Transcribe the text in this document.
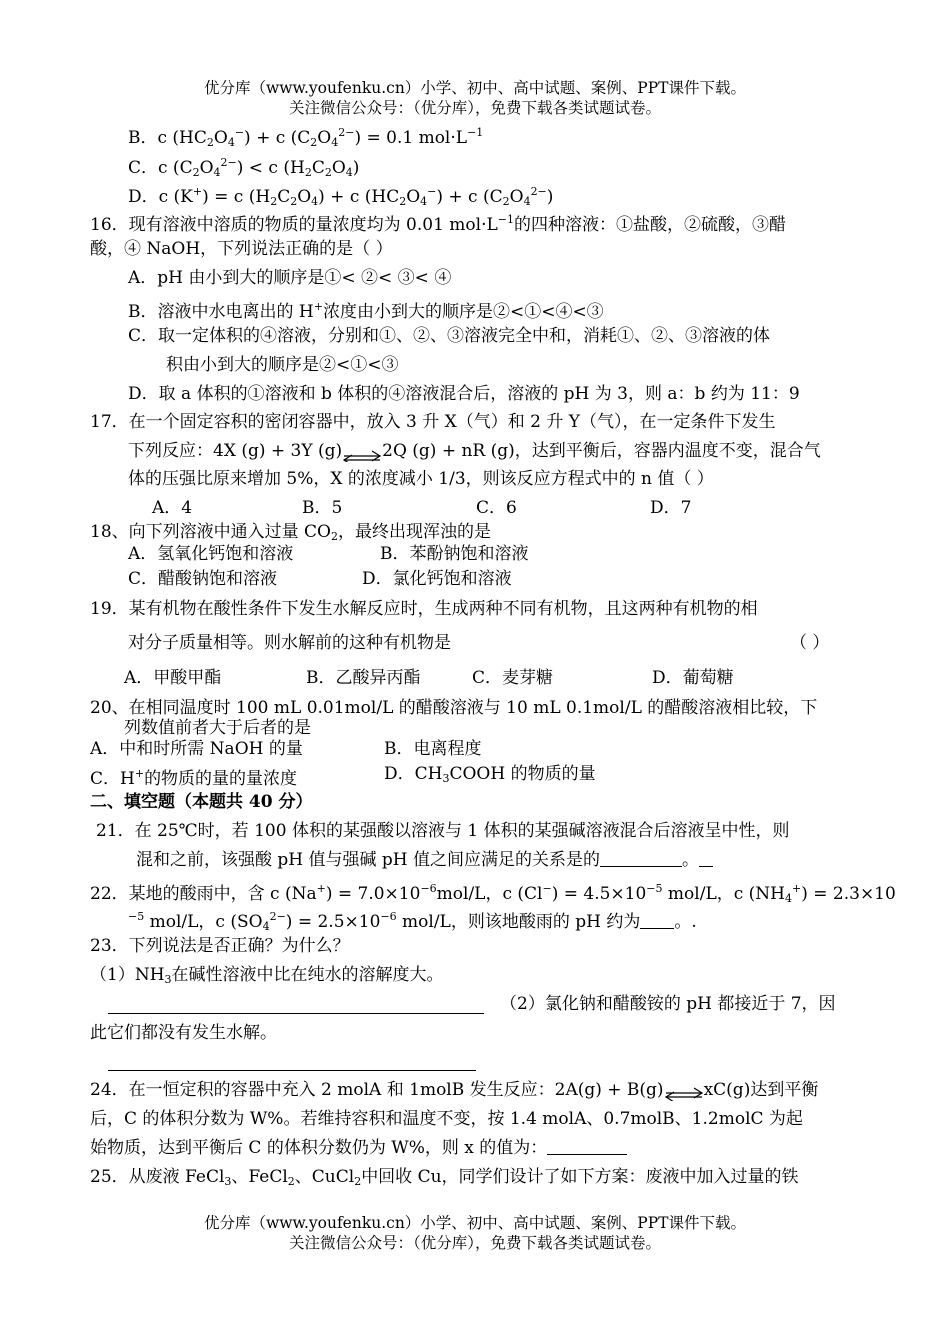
优分库（www.youfenku.cn）小学、初中、高中试题、案例、PPT课件下载。
关注微信公众号：（优分库），免费下载各类试题试卷。
B．c $(HC_2O_4^-) + c$ $(C_2O_4^{2-}) = 0.1$ $mol\cdot L^{-1}$
C．c $(C_2O_4^{2-}) < c$ $(H_2C_2O_4)$
D．c (K+) = c $(H_2C_2O_4) + c$ $(HC_2O_4^-) + c$ $(C_2O_4^{2-})$
16．现有溶液中溶质的物质的量浓度均为 0.01 $mol\cdot L^{-1}$的四种溶液：①盐酸，②硫酸，③醋
酸，④ NaOH，下列说法正确的是（ ）
A．pH 由小到大的顺序是①< ②< ③< ④
B．溶液中水电离出的 H+浓度由小到大的顺序是②<①<④<③
C．取一定体积的④溶液，分别和①、②、③溶液完全中和，消耗①、②、③溶液的体
积由小到大的顺序是②<①<③
D．取 a 体积的①溶液和 b 体积的④溶液混合后，溶液的 pH 为 3，则 a：b 约为 11：9
17．在一个固定容积的密闭容器中，放入 3 升 X（气）和 2 升 Y（气），在一定条件下发生
下列反应：4X (g) + 3Y (g)⇌2Q (g) + nR (g)，达到平衡后，容器内温度不变，混合气
体的压强比原来增加 5%，X 的浓度减小 1/3，则该反应方程式中的 n 值（ ）
A．4	B．5	C．6	D．7
18、向下列溶液中通入过量 $CO_2$，最终出现浑浊的是
A．氢氧化钙饱和溶液	B．苯酚钠饱和溶液
C．醋酸钠饱和溶液	D．氯化钙饱和溶液
19．某有机物在酸性条件下发生水解反应时，生成两种不同有机物，且这两种有机物的相
对分子质量相等。则水解前的这种有机物是	（ ）
A．甲酸甲酯	B．乙酸异丙酯	C．麦芽糖	D．葡萄糖
20、在相同温度时 100 mL 0.01mol/L 的醋酸溶液与 10 mL 0.1mol/L 的醋酸溶液相比较，下
列数值前者大于后者的是
A．中和时所需 NaOH 的量	B．电离程度
C．H+的物质的量的量浓度	D．$CH_3COOH$ 的物质的量
二、填空题（本题共 40 分）
21．在 25℃时，若 100 体积的某强酸以溶液与 1 体积的某强碱溶液混合后溶液呈中性，则
混和之前，该强酸 pH 值与强碱 pH 值之间应满足的关系是的	。
22．某地的酸雨中，含 c $(Na^+) = 7.0\times 10^{-6}mol/L$，c $(Cl^-) = 4.5\times 10^{-5}$ mol/L，c $(NH_4^+) = 2.3\times 10$
$^{-5}$ mol/L，c $(SO_4^{2-}) = 2.5\times 10^{-6}$ mol/L，则该地酸雨的 pH 约为 。.
23．下列说法是否正确？为什么？
$(1)NH_3$在碱性溶液中比在纯水的溶解度大。
（2）氯化钠和醋酸铵的 pH 都接近于 7，因
此它们都没有发生水解。
24．在一恒定积的容器中充入 2 molA 和 1molB 发生反应：2A(g) + B(g)⇌xC(g)达到平衡
后，C 的体积分数为 W%。若维持容积和温度不变，按 1.4 molA、0.7molB、1.2molC 为起
始物质，达到平衡后 C 的体积分数仍为 W%，则 x 的值为：
25．从废液 FeCl$_3$、FeCl$_2$、CuCl$_2$中回收 Cu，同学们设计了如下方案：废液中加入过量的铁
优分库（www.youfenku.cn）小学、初中、高中试题、案例、PPT课件下载。
关注微信公众号：（优分库），免费下载各类试题试卷。
